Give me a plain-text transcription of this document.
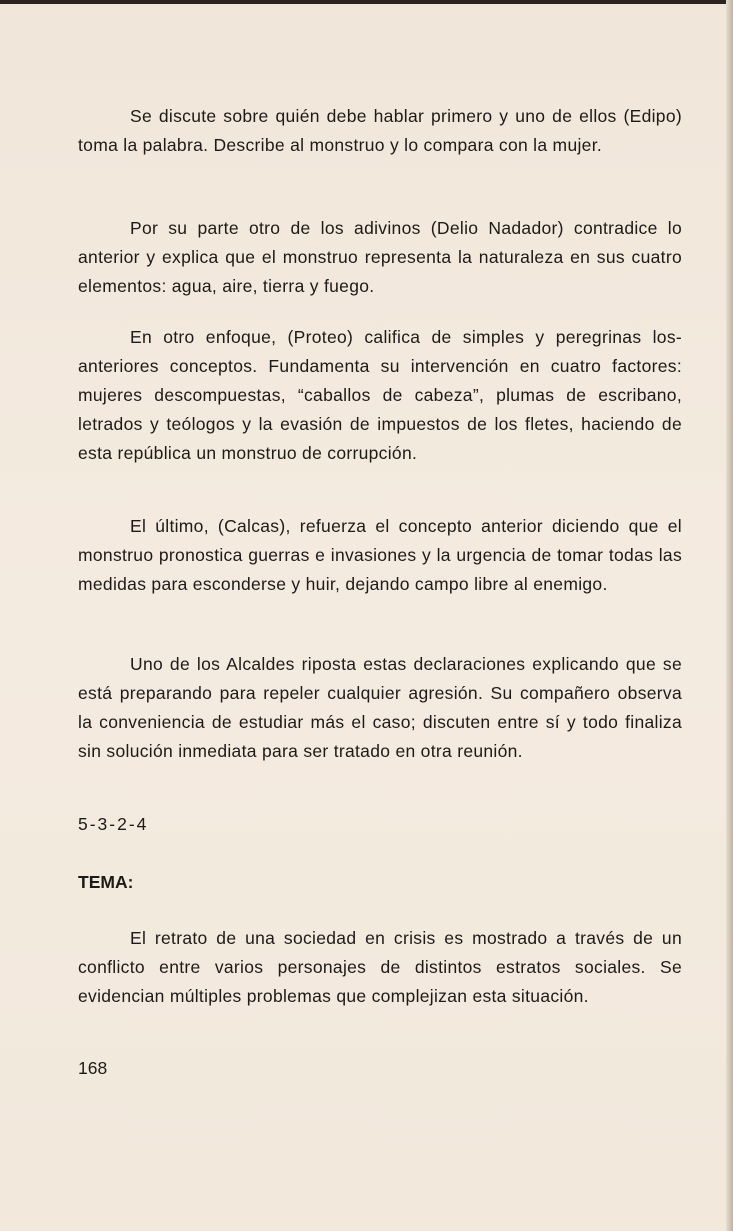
Se discute sobre quién debe hablar primero y uno de ellos (Edipo) toma la palabra. Describe al monstruo y lo compara con la mujer.
Por su parte otro de los adivinos (Delio Nadador) contradice lo anterior y explica que el monstruo representa la naturaleza en sus cuatro elementos: agua, aire, tierra y fuego.
En otro enfoque, (Proteo) califica de simples y peregrinas los-anteriores conceptos. Fundamenta su intervención en cuatro factores: mujeres descompuestas, “caballos de cabeza”, plumas de escribano, letrados y teólogos y la evasión de impuestos de los fletes, haciendo de esta república un monstruo de corrupción.
El último, (Calcas), refuerza el concepto anterior diciendo que el monstruo pronostica guerras e invasiones y la urgencia de tomar todas las medidas para esconderse y huir, dejando campo libre al enemigo.
Uno de los Alcaldes riposta estas declaraciones explicando que se está preparando para repeler cualquier agresión. Su compañero observa la conveniencia de estudiar más el caso; discuten entre sí y todo finaliza sin solución inmediata para ser tratado en otra reunión.
5-3-2-4
TEMA:
El retrato de una sociedad en crisis es mostrado a través de un conflicto entre varios personajes de distintos estratos sociales. Se evidencian múltiples problemas que complejizan esta situación.
168
